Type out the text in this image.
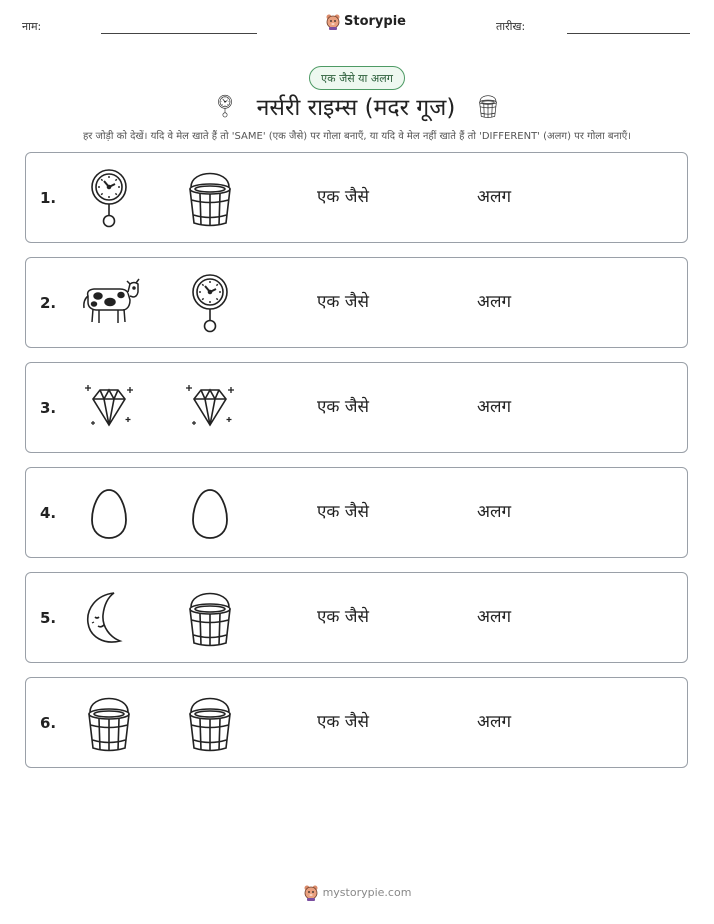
नाम:	Storypie	तारीख:
एक जैसे या अलग
नर्सरी राइम्स (मदर गूज)
हर जोड़ी को देखें। यदि वे मेल खाते हैं तो 'SAME' (एक जैसे) पर गोला बनाएँ, या यदि वे मेल नहीं खाते हैं तो 'DIFFERENT' (अलग) पर गोला बनाएँ।
1.	एक जैसे	अलग
2.	एक जैसे	अलग
3.	एक जैसे	अलग
4.	एक जैसे	अलग
5.	एक जैसे	अलग
6.	एक जैसे	अलग
mystorypie.com
